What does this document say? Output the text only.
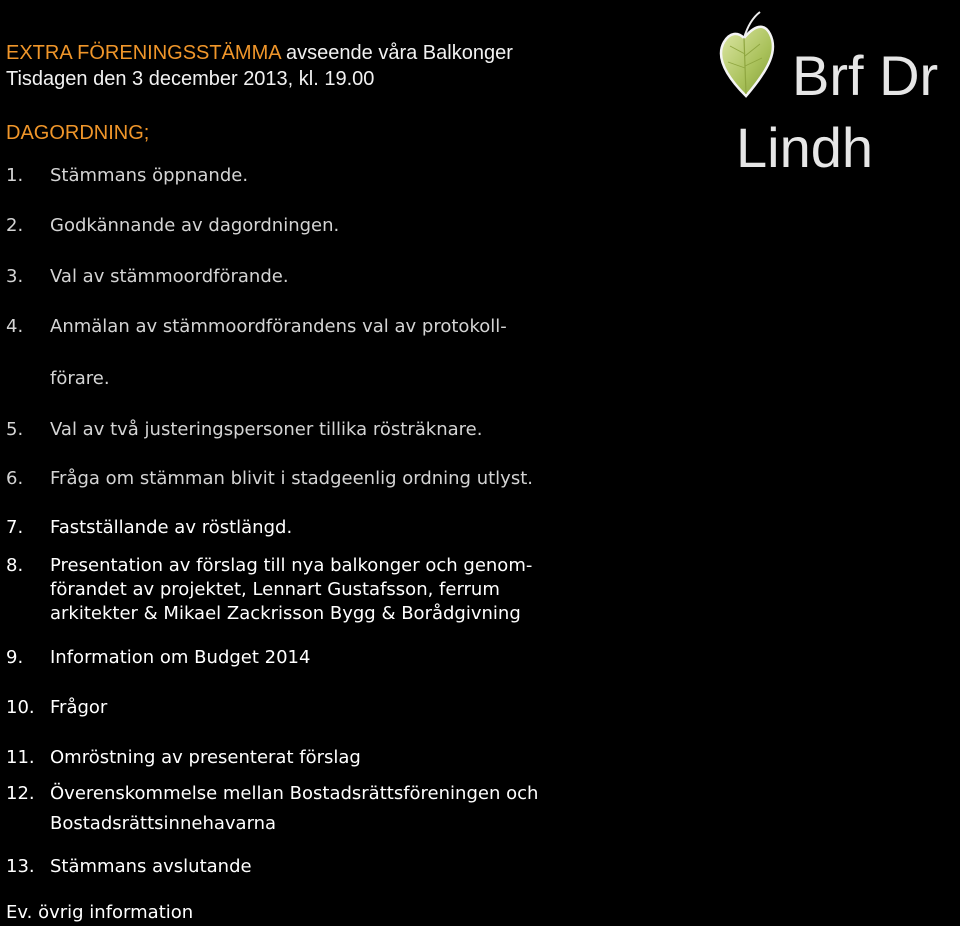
EXTRA FÖRENINGSSTÄMMA avseende våra Balkonger
Tisdagen den 3 december 2013, kl. 19.00
DAGORDNING;
Brf Dr
Lindh
1. Stämmans öppnande.
2. Godkännande av dagordningen.
3. Val av stämmoordförande.
4. Anmälan av stämmoordförandens val av protokoll-
förare.
5. Val av två justeringspersoner tillika rösträknare.
6. Fråga om stämman blivit i stadgeenlig ordning utlyst.
7. Fastställande av röstlängd.
8. Presentation av förslag till nya balkonger och genom-
förandet av projektet, Lennart Gustafsson, ferrum
arkitekter & Mikael Zackrisson Bygg & Borådgivning
9. Information om Budget 2014
10. Frågor
11. Omröstning av presenterat förslag
12. Överenskommelse mellan Bostadsrättsföreningen och
Bostadsrättsinnehavarna
13. Stämmans avslutande
Ev. övrig information
